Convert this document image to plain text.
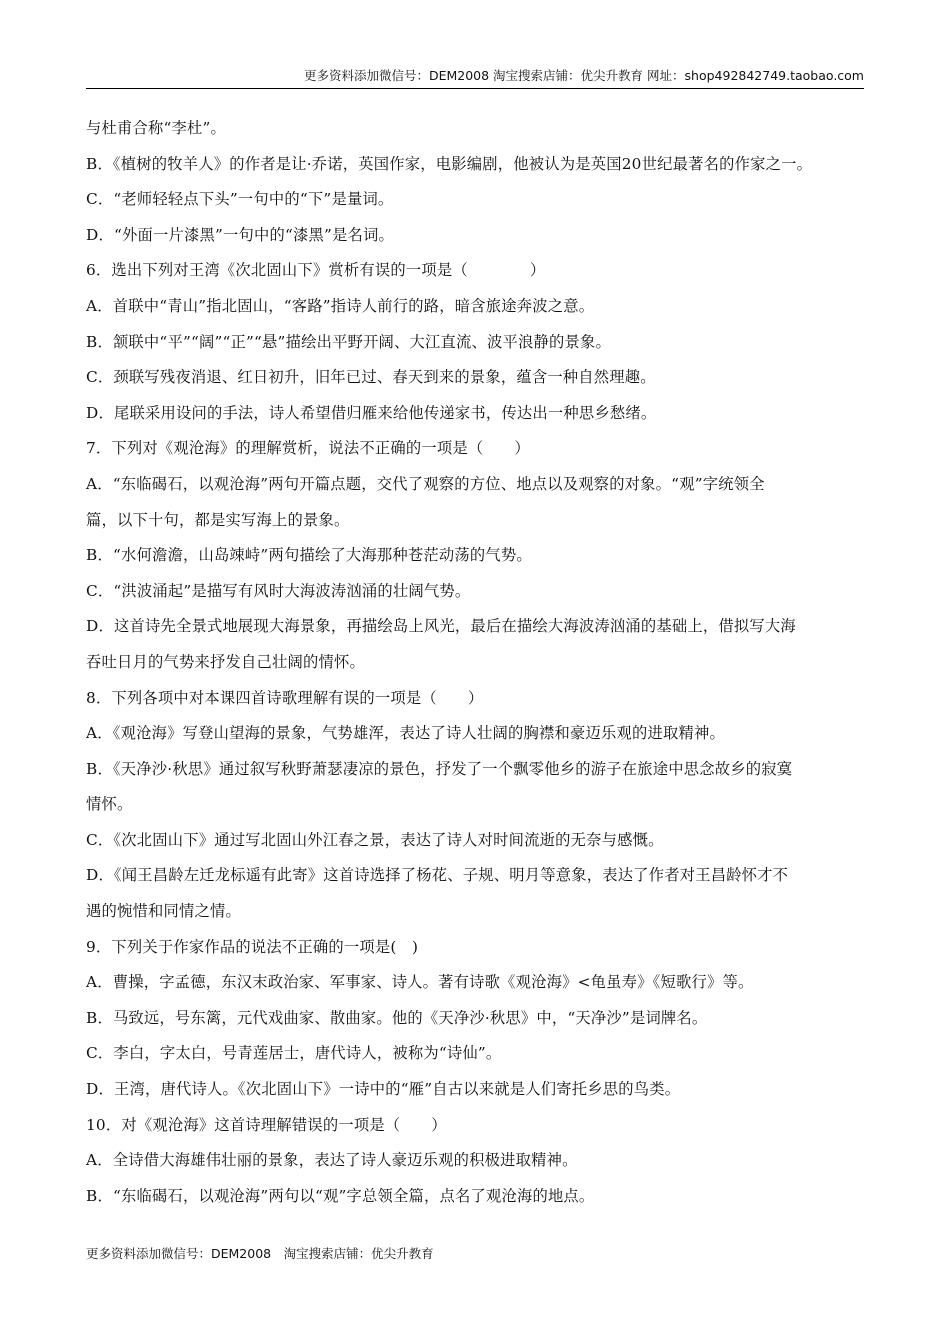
更多资料添加微信号：DEM2008 淘宝搜索店铺：优尖升教育 网址：shop492842749.taobao.com
与杜甫合称“李杜”。
B．《植树的牧羊人》的作者是让·乔诺，英国作家，电影编剧，他被认为是英国20世纪最著名的作家之一。
C．“老师轻轻点下头”一句中的“下”是量词。
D．“外面一片漆黑”一句中的“漆黑”是名词。
6．选出下列对王湾《次北固山下》赏析有误的一项是（　　　　）
A．首联中“青山”指北固山，“客路”指诗人前行的路，暗含旅途奔波之意。
B．颔联中“平”“阔”“正”“悬”描绘出平野开阔、大江直流、波平浪静的景象。
C．颈联写残夜消退、红日初升，旧年已过、春天到来的景象，蕴含一种自然理趣。
D．尾联采用设问的手法，诗人希望借归雁来给他传递家书，传达出一种思乡愁绪。
7．下列对《观沧海》的理解赏析，说法不正确的一项是（　　）
A．“东临碣石，以观沧海”两句开篇点题，交代了观察的方位、地点以及观察的对象。“观”字统领全
篇，以下十句，都是实写海上的景象。
B．“水何澹澹，山岛竦峙”两句描绘了大海那种苍茫动荡的气势。
C．“洪波涌起”是描写有风时大海波涛汹涌的壮阔气势。
D．这首诗先全景式地展现大海景象，再描绘岛上风光，最后在描绘大海波涛汹涌的基础上，借拟写大海
吞吐日月的气势来抒发自己壮阔的情怀。
8．下列各项中对本课四首诗歌理解有误的一项是（　　）
A．《观沧海》写登山望海的景象，气势雄浑，表达了诗人壮阔的胸襟和豪迈乐观的进取精神。
B．《天净沙·秋思》通过叙写秋野萧瑟凄凉的景色，抒发了一个飘零他乡的游子在旅途中思念故乡的寂寞
情怀。
C．《次北固山下》通过写北固山外江春之景，表达了诗人对时间流逝的无奈与感慨。
D．《闻王昌龄左迁龙标遥有此寄》这首诗选择了杨花、子规、明月等意象，表达了作者对王昌龄怀才不
遇的惋惜和同情之情。
9．下列关于作家作品的说法不正确的一项是(　)
A．曹操，字孟德，东汉末政治家、军事家、诗人。著有诗歌《观沧海》<龟虽寿》《短歌行》等。
B．马致远，号东篱，元代戏曲家、散曲家。他的《天净沙·秋思》中，“天净沙”是词牌名。
C．李白，字太白，号青莲居士，唐代诗人，被称为“诗仙”。
D．王湾，唐代诗人。《次北固山下》一诗中的“雁”自古以来就是人们寄托乡思的鸟类。
10．对《观沧海》这首诗理解错误的一项是（　　）
A．全诗借大海雄伟壮丽的景象，表达了诗人豪迈乐观的积极进取精神。
B．“东临碣石，以观沧海”两句以“观”字总领全篇，点名了观沧海的地点。
更多资料添加微信号：DEM2008　淘宝搜索店铺：优尖升教育
